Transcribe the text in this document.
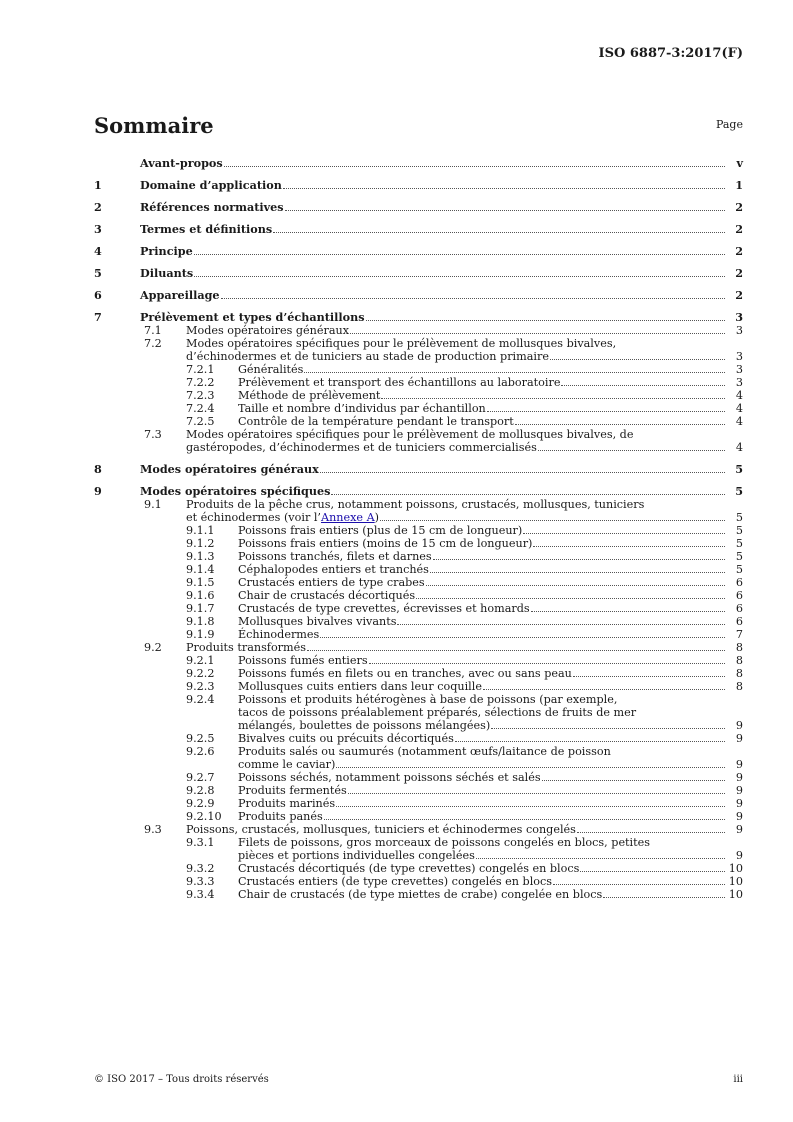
ISO 6887-3:2017(F)
Sommaire	Page
Avant-propos	v
1	Domaine d’application	1
2	Références normatives	2
3	Termes et définitions	2
4	Principe	2
5	Diluants	2
6	Appareillage	2
7	Prélèvement et types d’échantillons	3
7.1 Modes opératoires généraux	3
7.2 Modes opératoires spécifiques pour le prélèvement de mollusques bivalves,
d’échinodermes et de tuniciers au stade de production primaire	3
7.2.1 Généralités	3
7.2.2 Prélèvement et transport des échantillons au laboratoire	3
7.2.3 Méthode de prélèvement	4
7.2.4 Taille et nombre d’individus par échantillon	4
7.2.5 Contrôle de la température pendant le transport	4
7.3 Modes opératoires spécifiques pour le prélèvement de mollusques bivalves, de
gastéropodes, d’échinodermes et de tuniciers commercialisés	4
8	Modes opératoires généraux	5
9	Modes opératoires spécifiques	5
9.1 Produits de la pêche crus, notamment poissons, crustacés, mollusques, tuniciers
et échinodermes (voir l’Annexe A)	5
9.1.1 Poissons frais entiers (plus de 15 cm de longueur)	5
9.1.2 Poissons frais entiers (moins de 15 cm de longueur)	5
9.1.3 Poissons tranchés, filets et darnes	5
9.1.4 Céphalopodes entiers et tranchés	5
9.1.5 Crustacés entiers de type crabes	6
9.1.6 Chair de crustacés décortiqués	6
9.1.7 Crustacés de type crevettes, écrevisses et homards	6
9.1.8 Mollusques bivalves vivants	6
9.1.9 Échinodermes	7
9.2 Produits transformés	8
9.2.1 Poissons fumés entiers	8
9.2.2 Poissons fumés en filets ou en tranches, avec ou sans peau	8
9.2.3 Mollusques cuits entiers dans leur coquille	8
9.2.4 Poissons et produits hétérogènes à base de poissons (par exemple,
tacos de poissons préalablement préparés, sélections de fruits de mer
mélangés, boulettes de poissons mélangées)	9
9.2.5 Bivalves cuits ou précuits décortiqués	9
9.2.6 Produits salés ou saumurés (notamment œufs/laitance de poisson
comme le caviar)	9
9.2.7 Poissons séchés, notamment poissons séchés et salés	9
9.2.8 Produits fermentés	9
9.2.9 Produits marinés	9
9.2.10 Produits panés	9
9.3 Poissons, crustacés, mollusques, tuniciers et échinodermes congelés	9
9.3.1 Filets de poissons, gros morceaux de poissons congelés en blocs, petites
pièces et portions individuelles congelées	9
9.3.2 Crustacés décortiqués (de type crevettes) congelés en blocs	10
9.3.3 Crustacés entiers (de type crevettes) congelés en blocs	10
9.3.4 Chair de crustacés (de type miettes de crabe) congelée en blocs	10
© ISO 2017 – Tous droits réservés	iii
